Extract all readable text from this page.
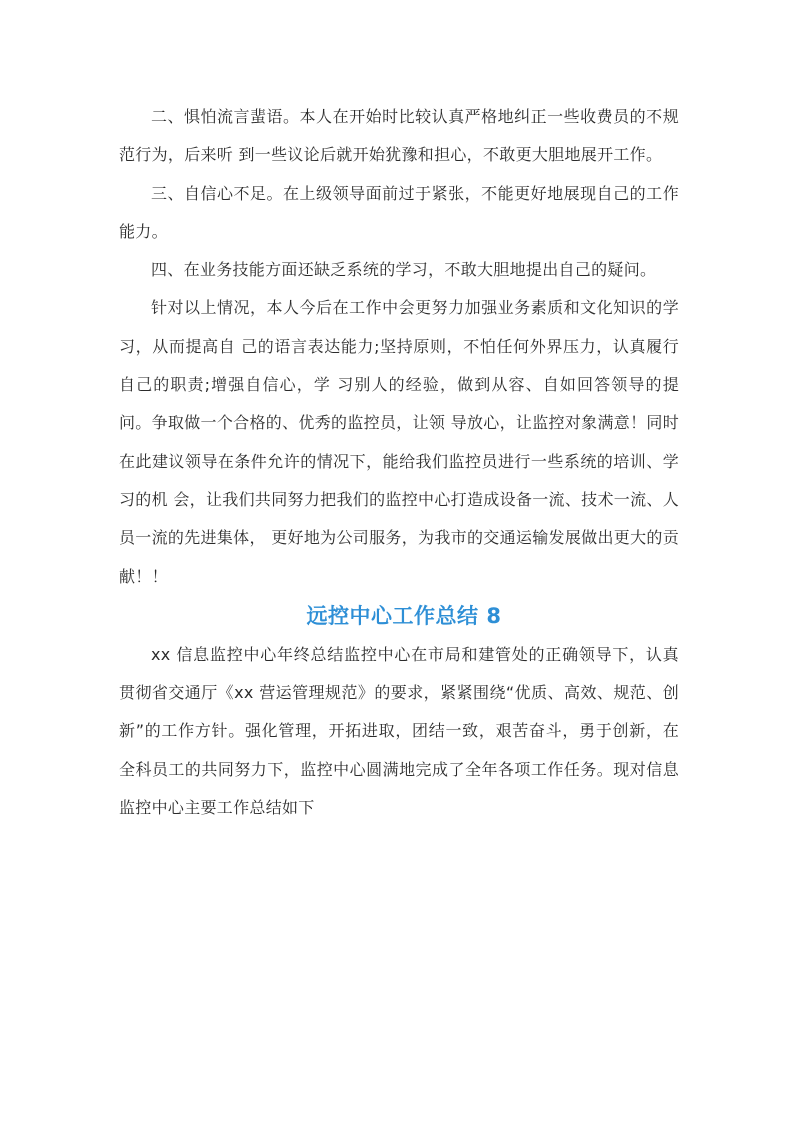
二、惧怕流言蜚语。本人在开始时比较认真严格地纠正一些收费员的不规范行为，后来听 到一些议论后就开始犹豫和担心，不敢更大胆地展开工作。

三、自信心不足。在上级领导面前过于紧张，不能更好地展现自己的工作能力。

四、在业务技能方面还缺乏系统的学习，不敢大胆地提出自己的疑问。

针对以上情况，本人今后在工作中会更努力加强业务素质和文化知识的学习，从而提高自 己的语言表达能力;坚持原则，不怕任何外界压力，认真履行自己的职责;增强自信心，学 习别人的经验，做到从容、自如回答领导的提问。争取做一个合格的、优秀的监控员，让领 导放心，让监控对象满意！同时在此建议领导在条件允许的情况下，能给我们监控员进行一些系统的培训、学习的机 会，让我们共同努力把我们的监控中心打造成设备一流、技术一流、人员一流的先进集体， 更好地为公司服务，为我市的交通运输发展做出更大的贡献！！

远控中心工作总结 8

xx 信息监控中心年终总结监控中心在市局和建管处的正确领导下，认真贯彻省交通厅《xx 营运管理规范》的要求，紧紧围绕“优质、高效、规范、创新”的工作方针。强化管理，开拓进取，团结一致，艰苦奋斗，勇于创新，在全科员工的共同努力下，监控中心圆满地完成了全年各项工作任务。现对信息监控中心主要工作总结如下
